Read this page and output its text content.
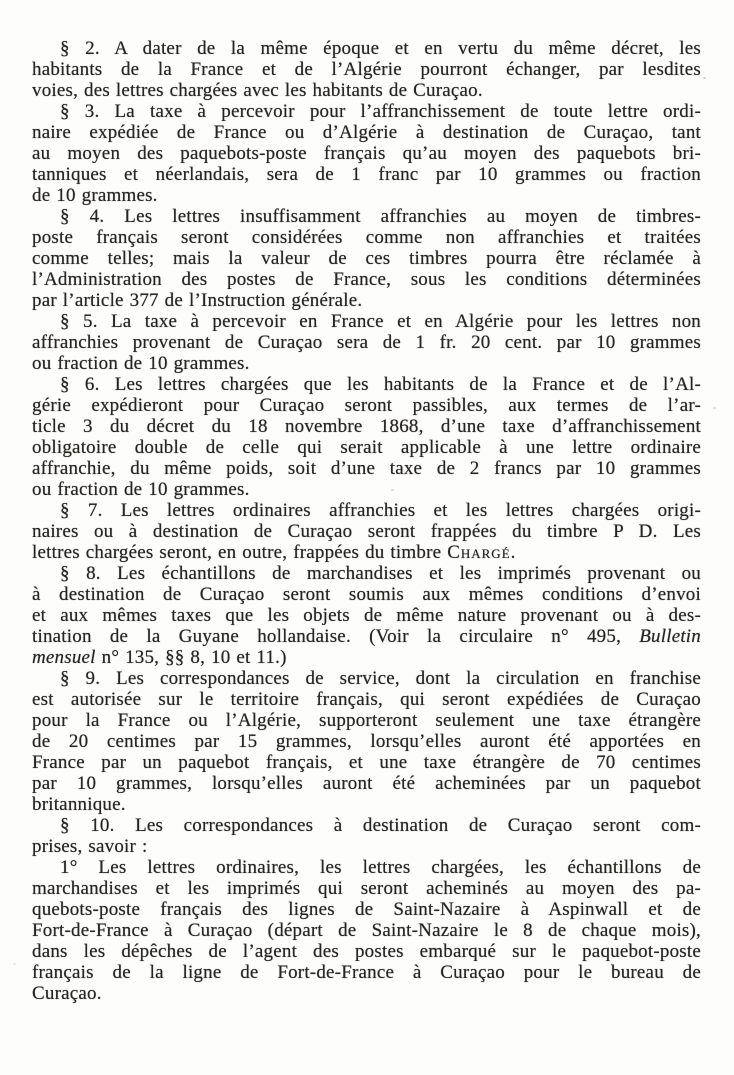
§ 2. A dater de la même époque et en vertu du même décret, les
habitants de la France et de l’Algérie pourront échanger, par lesdites
voies, des lettres chargées avec les habitants de Curaçao.
§ 3. La taxe à percevoir pour l’affranchissement de toute lettre ordi-
naire expédiée de France ou d’Algérie à destination de Curaçao, tant
au moyen des paquebots-poste français qu’au moyen des paquebots bri-
tanniques et néerlandais, sera de 1 franc par 10 grammes ou fraction
de 10 grammes.
§ 4. Les lettres insuffisamment affranchies au moyen de timbres-
poste français seront considérées comme non affranchies et traitées
comme telles; mais la valeur de ces timbres pourra être réclamée à
l’Administration des postes de France, sous les conditions déterminées
par l’article 377 de l’Instruction générale.
§ 5. La taxe à percevoir en France et en Algérie pour les lettres non
affranchies provenant de Curaçao sera de 1 fr. 20 cent. par 10 grammes
ou fraction de 10 grammes.
§ 6. Les lettres chargées que les habitants de la France et de l’Al-
gérie expédieront pour Curaçao seront passibles, aux termes de l’ar-
ticle 3 du décret du 18 novembre 1868, d’une taxe d’affranchissement
obligatoire double de celle qui serait applicable à une lettre ordinaire
affranchie, du même poids, soit d’une taxe de 2 francs par 10 grammes
ou fraction de 10 grammes.
§ 7. Les lettres ordinaires affranchies et les lettres chargées origi-
naires ou à destination de Curaçao seront frappées du timbre P D. Les
lettres chargées seront, en outre, frappées du timbre Chargé.
§ 8. Les échantillons de marchandises et les imprimés provenant ou
à destination de Curaçao seront soumis aux mêmes conditions d’envoi
et aux mêmes taxes que les objets de même nature provenant ou à des-
tination de la Guyane hollandaise. (Voir la circulaire n° 495, Bulletin
mensuel n° 135, §§ 8, 10 et 11.)
§ 9. Les correspondances de service, dont la circulation en franchise
est autorisée sur le territoire français, qui seront expédiées de Curaçao
pour la France ou l’Algérie, supporteront seulement une taxe étrangère
de 20 centimes par 15 grammes, lorsqu’elles auront été apportées en
France par un paquebot français, et une taxe étrangère de 70 centimes
par 10 grammes, lorsqu’elles auront été acheminées par un paquebot
britannique.
§ 10. Les correspondances à destination de Curaçao seront com-
prises, savoir :
1° Les lettres ordinaires, les lettres chargées, les échantillons de
marchandises et les imprimés qui seront acheminés au moyen des pa-
quebots-poste français des lignes de Saint-Nazaire à Aspinwall et de
Fort-de-France à Curaçao (départ de Saint-Nazaire le 8 de chaque mois),
dans les dépêches de l’agent des postes embarqué sur le paquebot-poste
français de la ligne de Fort-de-France à Curaçao pour le bureau de
Curaçao.
